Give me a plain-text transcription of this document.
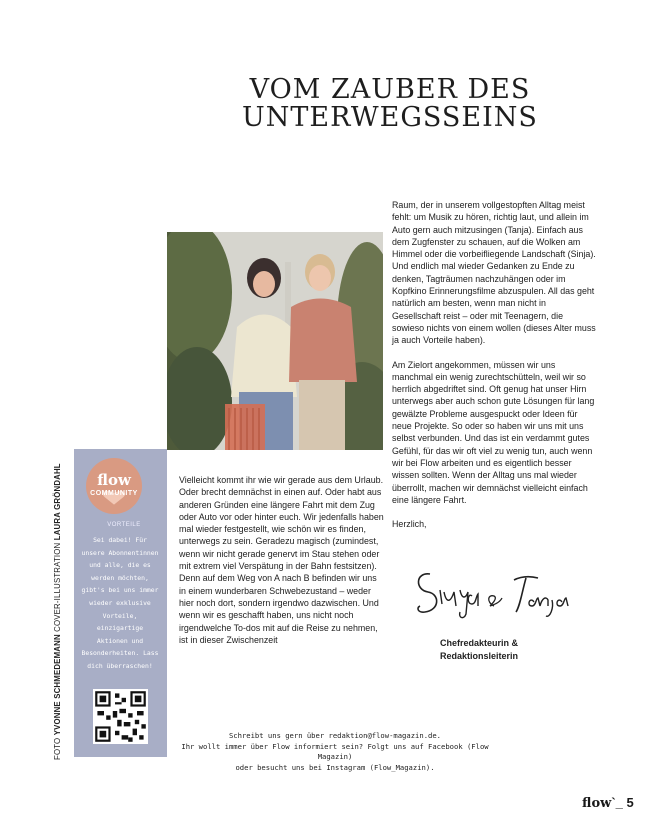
VOM ZAUBER DES
UNTERWEGSSEINS

Raum, der in unserem vollgestopften Alltag meist fehlt: um Musik zu hören, richtig laut, und allein im Auto gern auch mitzusingen (Tanja). Einfach aus dem Zugfenster zu schauen, auf die Wolken am Himmel oder die vorbeifliegende Landschaft (Sinja). Und endlich mal wieder Gedanken zu Ende zu denken, Tagträumen nachzuhängen oder im Kopfkino Erinnerungsfilme abzuspulen. All das geht natürlich am besten, wenn man nicht in Gesellschaft reist – oder mit Teenagern, die sowieso nichts von einem wollen (dieses Alter muss ja auch Vorteile haben).

Am Zielort angekommen, müssen wir uns manchmal ein wenig zurechtschütteln, weil wir so herrlich abgedriftet sind. Oft genug hat unser Hirn unterwegs aber auch schon gute Lösungen für lang gewälzte Probleme ausgespuckt oder Ideen für neue Projekte. So oder so haben wir uns mit uns selbst verbunden. Und das ist ein verdammt gutes Gefühl, für das wir oft viel zu wenig tun, auch wenn wir bei Flow arbeiten und es eigentlich besser wissen sollten. Wenn der Alltag uns mal wieder überrollt, machen wir demnächst vielleicht einfach eine längere Fahrt.

Herzlich,

Vielleicht kommt ihr wie wir gerade aus dem Urlaub. Oder brecht demnächst in einen auf. Oder habt aus anderen Gründen eine längere Fahrt mit dem Zug oder Auto vor oder hinter euch. Wir jedenfalls haben mal wieder festgestellt, wie schön wir es finden, unterwegs zu sein. Geradezu magisch (zumindest, wenn wir nicht gerade genervt im Stau stehen oder mit extrem viel Verspätung in der Bahn festsitzen). Denn auf dem Weg von A nach B befinden wir uns in einem wunderbaren Schwebezustand – weder hier noch dort, sondern irgendwo dazwischen. Und wenn wir es geschafft haben, uns nicht noch irgendwelche To-dos mit auf die Reise zu nehmen, ist in dieser Zwischenzeit	Chefredakteurin &
Redaktionsleiterin
flow
COMMUNITY
VORTEILE
Sei dabei! Für unsere Abonnentinnen und alle, die es werden möchten, gibt's bei uns immer wieder exklusive Vorteile, einzigartige Aktionen und Besonderheiten. Lass dich überraschen!
FOTO YVONNE SCHMEDEMANN COVER-ILLUSTRATION LAURA GRÖNDAHL
Schreibt uns gern über redaktion@flow-magazin.de.
Ihr wollt immer über Flow informiert sein? Folgt uns auf Facebook (Flow Magazin)
oder besucht uns bei Instagram (Flow_Magazin).
flow`_ 5
